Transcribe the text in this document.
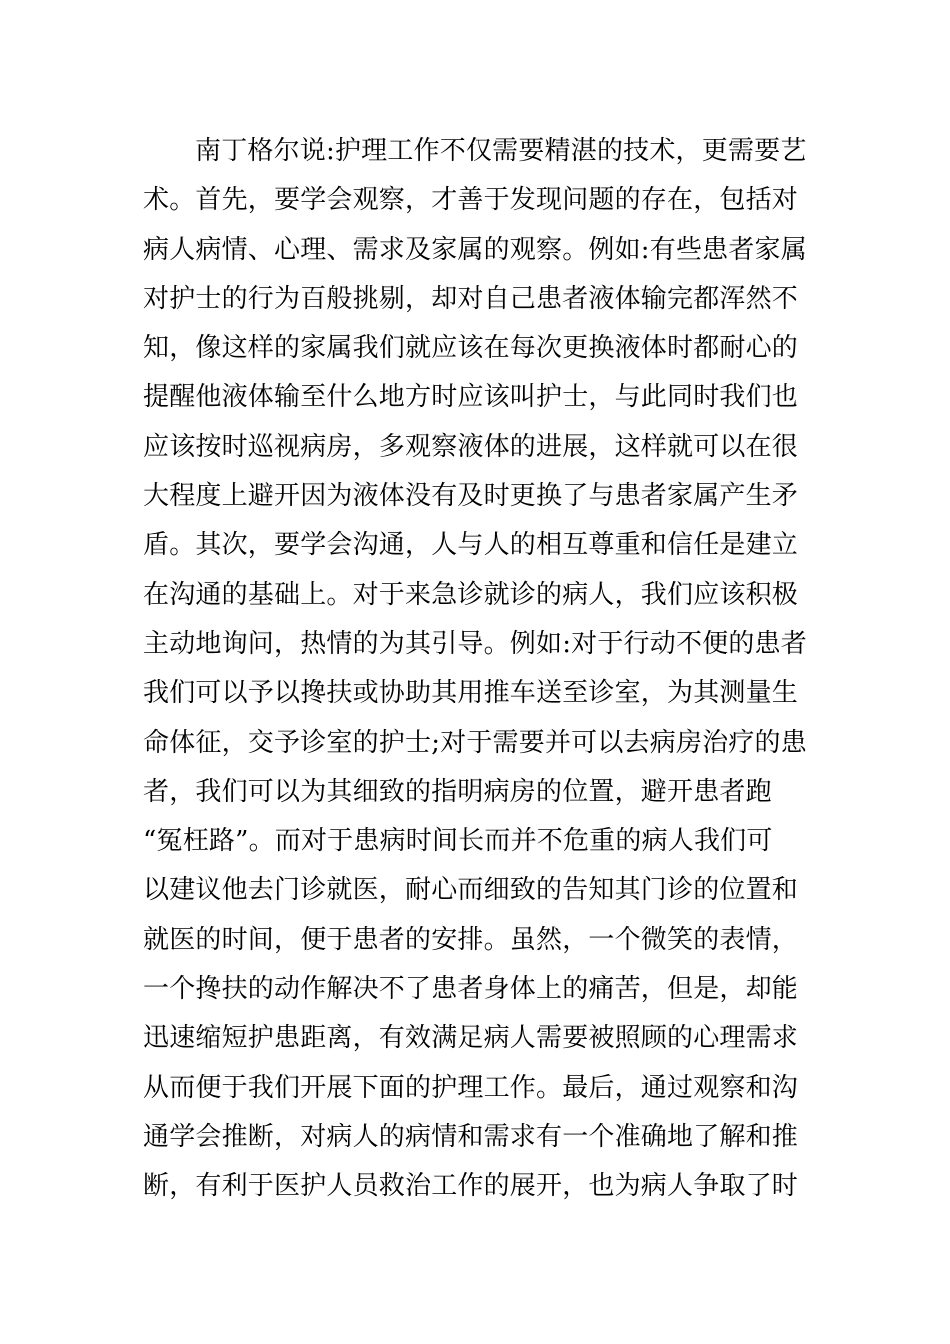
南丁格尔说:护理工作不仅需要精湛的技术，更需要艺
术。首先，要学会观察，才善于发现问题的存在，包括对
病人病情、心理、需求及家属的观察。例如:有些患者家属
对护士的行为百般挑剔，却对自己患者液体输完都浑然不
知，像这样的家属我们就应该在每次更换液体时都耐心的
提醒他液体输至什么地方时应该叫护士，与此同时我们也
应该按时巡视病房，多观察液体的进展，这样就可以在很
大程度上避开因为液体没有及时更换了与患者家属产生矛
盾。其次，要学会沟通，人与人的相互尊重和信任是建立
在沟通的基础上。对于来急诊就诊的病人，我们应该积极
主动地询问，热情的为其引导。例如:对于行动不便的患者
我们可以予以搀扶或协助其用推车送至诊室，为其测量生
命体征，交予诊室的护士;对于需要并可以去病房治疗的患
者，我们可以为其细致的指明病房的位置，避开患者跑
“冤枉路”。而对于患病时间长而并不危重的病人我们可
以建议他去门诊就医，耐心而细致的告知其门诊的位置和
就医的时间，便于患者的安排。虽然，一个微笑的表情，
一个搀扶的动作解决不了患者身体上的痛苦，但是，却能
迅速缩短护患距离，有效满足病人需要被照顾的心理需求
从而便于我们开展下面的护理工作。最后，通过观察和沟
通学会推断，对病人的病情和需求有一个准确地了解和推
断，有利于医护人员救治工作的展开，也为病人争取了时
